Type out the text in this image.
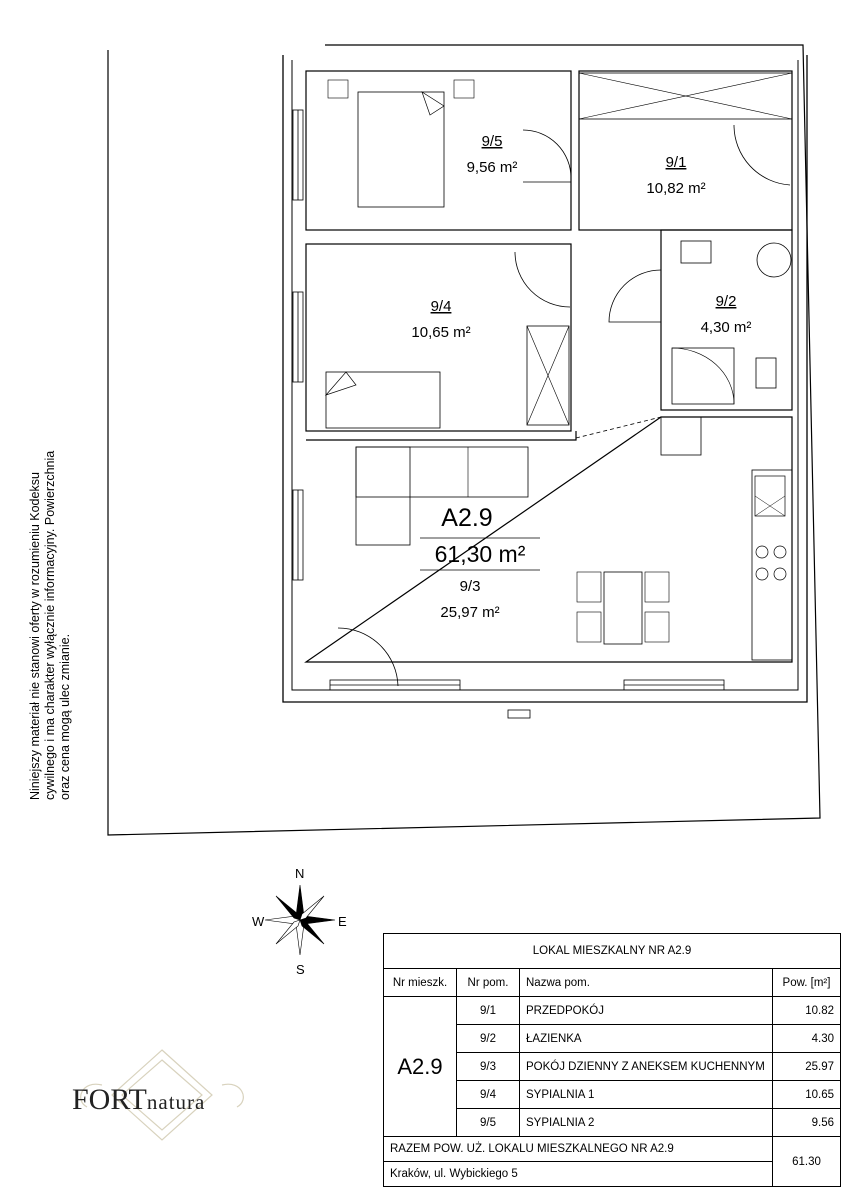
9/5
9,56 m²	9/1
10,82 m²
9/4
10,65 m²
9/2
4,30 m²
A2.9
61,30 m²
9/3
25,97 m²
N
S
E
W
Niniejszy materiał nie stanowi oferty w rozumieniu Kodeksu cywilnego i ma charakter wyłącznie informacyjny. Powierzchnia oraz cena mogą ulec zmianie.
FORTnatura
LOKAL MIESZKALNY NR A2.9			
Nr mieszk.	Nr pom.	Nazwa pom.	Pow. [m²]
A2.9	9/1	PRZEDPOKÓJ	10.82
	9/2	ŁAZIENKA	4.30
	9/3	POKÓJ DZIENNY Z ANEKSEM KUCHENNYM	25.97
	9/4	SYPIALNIA 1	10.65
	9/5	SYPIALNIA 2	9.56
RAZEM POW. UŻ. LOKALU MIESZKALNEGO NR A2.9			61.30
Kraków, ul. Wybickiego 5			
